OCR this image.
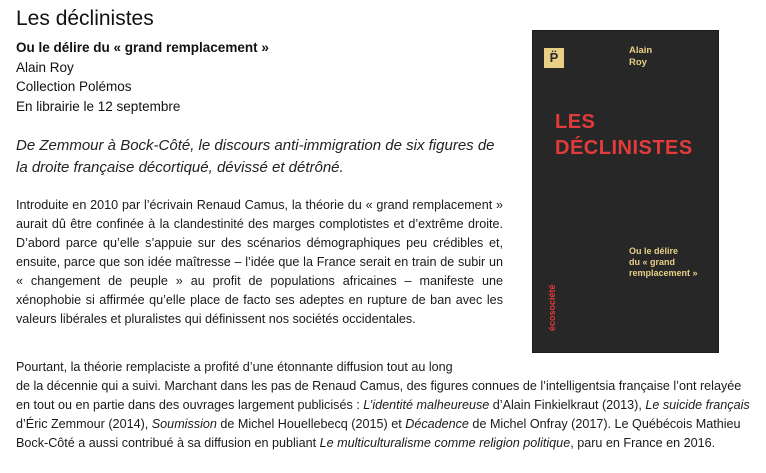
Les déclinistes
Ou le délire du « grand remplacement »
Alain Roy
Collection Polémos
En librairie le 12 septembre
De Zemmour à Bock-Côté, le discours anti-immigration de six figures de la droite française décortiqué, dévissé et détrôné.
Introduite en 2010 par l’écrivain Renaud Camus, la théorie du « grand remplacement » aurait dû être confinée à la clandestinité des marges complotistes et d’extrême droite. D’abord parce qu’elle s’appuie sur des scénarios démographiques peu crédibles et, ensuite, parce que son idée maîtresse – l’idée que la France serait en train de subir un « changement de peuple » au profit de populations africaines – manifeste une xénophobie si affirmée qu’elle place de facto ses adeptes en rupture de ban avec les valeurs libérales et pluralistes qui définissent nos sociétés occidentales.
Pourtant, la théorie remplaciste a profité d’une étonnante diffusion tout au long
de la décennie qui a suivi. Marchant dans les pas de Renaud Camus, des figures connues de l’intelligentsia française l’ont relayée en tout ou en partie dans des ouvrages largement publicisés : L’identité malheureuse d’Alain Finkielkraut (2013), Le suicide français d’Éric Zemmour (2014), Soumission de Michel Houellebecq (2015) et Décadence de Michel Onfray (2017). Le Québécois Mathieu Bock-Côté a aussi contribué à sa diffusion en publiant Le multiculturalisme comme religion politique, paru en France en 2016.
P̈	Alain
Roy
LES
DÉCLINISTES
Ou le délire
du « grand
remplacement »
écosociété
